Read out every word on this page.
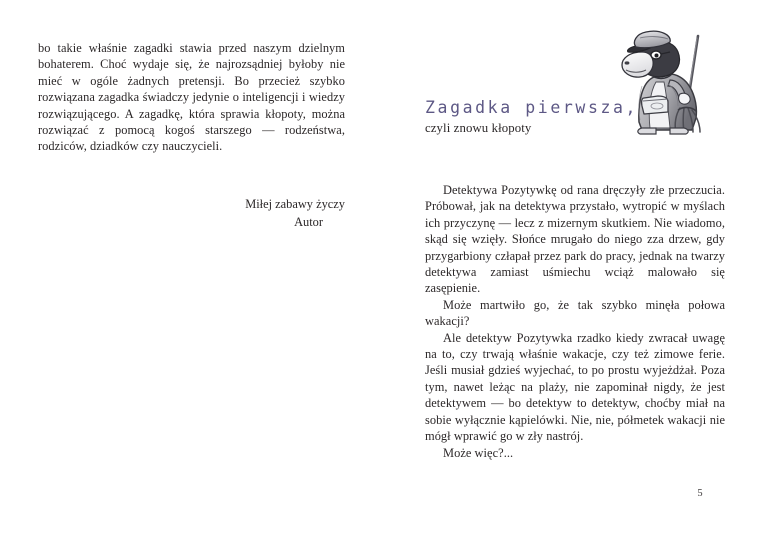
bo takie właśnie zagadki stawia przed naszym dzielnym bohaterem. Choć wydaje się, że najrozsądniej byłoby nie mieć w ogóle żadnych pretensji. Bo przecież szybko rozwiązana zagadka świadczy jedynie o inteligencji i wiedzy rozwiązującego. A zagadkę, która sprawia kłopoty, można rozwiązać z pomocą kogoś starszego — rodzeństwa, rodziców, dziadków czy nauczycieli.

Miłej zabawy życzy
Autor
Zagadka pierwsza,
czyli znowu kłopoty

Detektywa Pozytywkę od rana dręczyły złe przeczucia. Próbował, jak na detektywa przystało, wytropić w myślach ich przyczynę — lecz z mizernym skutkiem. Nie wiadomo, skąd się wzięły. Słońce mrugało do niego zza drzew, gdy przygarbiony człapał przez park do pracy, jednak na twarzy detektywa zamiast uśmiechu wciąż malowało się zasępienie.

Może martwiło go, że tak szybko minęła połowa wakacji?

Ale detektyw Pozytywka rzadko kiedy zwracał uwagę na to, czy trwają właśnie wakacje, czy też zimowe ferie. Jeśli musiał gdzieś wyjechać, to po prostu wyjeżdżał. Poza tym, nawet leżąc na plaży, nie zapominał nigdy, że jest detektywem — bo detektyw to detektyw, choćby miał na sobie wyłącznie kąpielówki. Nie, nie, półmetek wakacji nie mógł wprawić go w zły nastrój.

Może więc?...

5
